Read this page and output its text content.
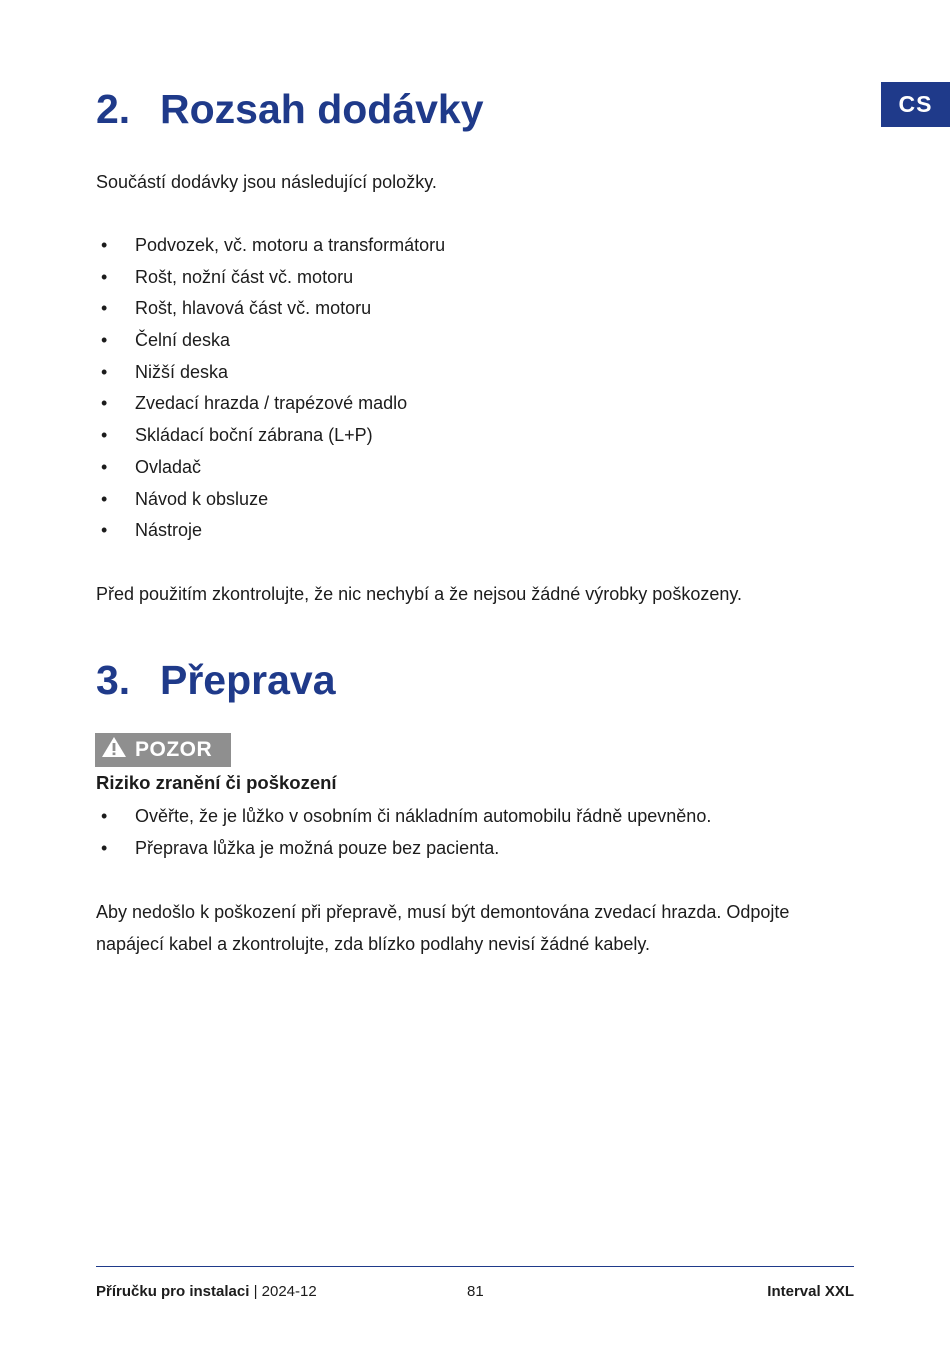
CS
2. Rozsah dodávky

Součástí dodávky jsou následující položky.

• Podvozek, vč. motoru a transformátoru
• Rošt, nožní část vč. motoru
• Rošt, hlavová část vč. motoru
• Čelní deska
• Nižší deska
• Zvedací hrazda / trapézové madlo
• Skládací boční zábrana (L+P)
• Ovladač
• Návod k obsluze
• Nástroje

Před použitím zkontrolujte, že nic nechybí a že nejsou žádné výrobky poškozeny.

3. Přeprava
POZOR

Riziko zranění či poškození

• Ověřte, že je lůžko v osobním či nákladním automobilu řádně upevněno.
• Přeprava lůžka je možná pouze bez pacienta.

Aby nedošlo k poškození při přepravě, musí být demontována zvedací hrazda. Odpojte napájecí kabel a zkontrolujte, zda blízko podlahy nevisí žádné kabely.

Příručku pro instalaci | 2024-12	81	Interval XXL
